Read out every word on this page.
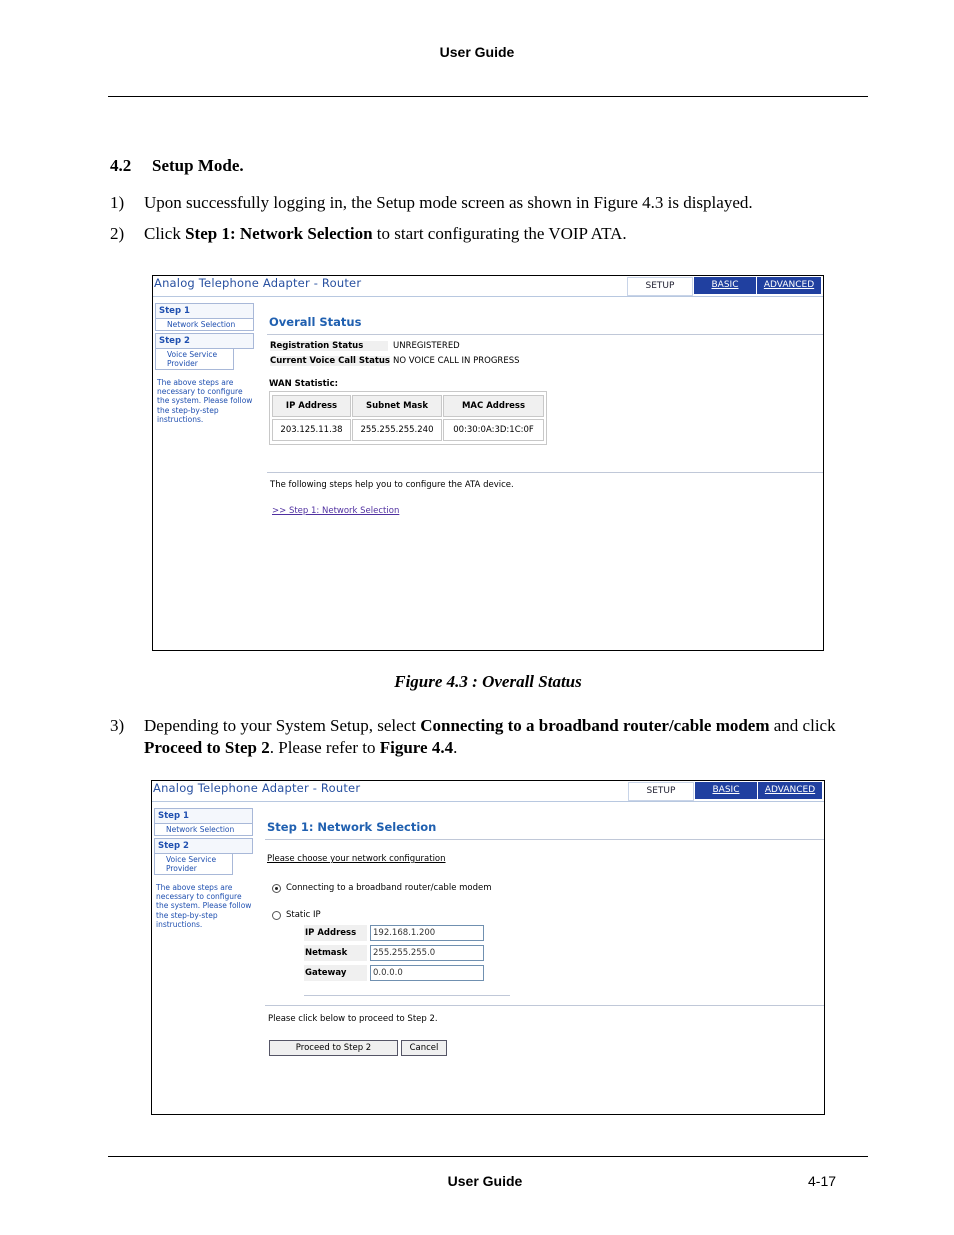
User Guide
4.2 Setup Mode.
1) Upon successfully logging in, the Setup mode screen as shown in Figure 4.3 is displayed.
2) Click Step 1: Network Selection to start configurating the VOIP ATA.
Analog Telephone Adapter - Router	SETUP	BASIC	ADVANCED
Step 1
Network Selection
Step 2
Voice Service Provider
The above steps are necessary to configure the system. Please follow the step-by-step instructions.
Overall Status
Registration Status	UNREGISTERED
Current Voice Call Status NO VOICE CALL IN PROGRESS
WAN Statistic:
IP Address	Subnet Mask	MAC Address
203.125.11.38	255.255.255.240	00:30:0A:3D:1C:0F
The following steps help you to configure the ATA device.
>> Step 1: Network Selection
Figure 4.3 : Overall Status
3) Depending to your System Setup, select Connecting to a broadband router/cable modem and click Proceed to Step 2. Please refer to Figure 4.4.
Analog Telephone Adapter - Router	SETUP	BASIC	ADVANCED
Step 1
Network Selection
Step 2
Voice Service Provider
The above steps are necessary to configure the system. Please follow the step-by-step instructions.
Step 1: Network Selection
Please choose your network configuration
Connecting to a broadband router/cable modem
Static IP
IP Address	192.168.1.200
Netmask	255.255.255.0
Gateway	0.0.0.0
Please click below to proceed to Step 2.
Proceed to Step 2	Cancel
User Guide	4-17
